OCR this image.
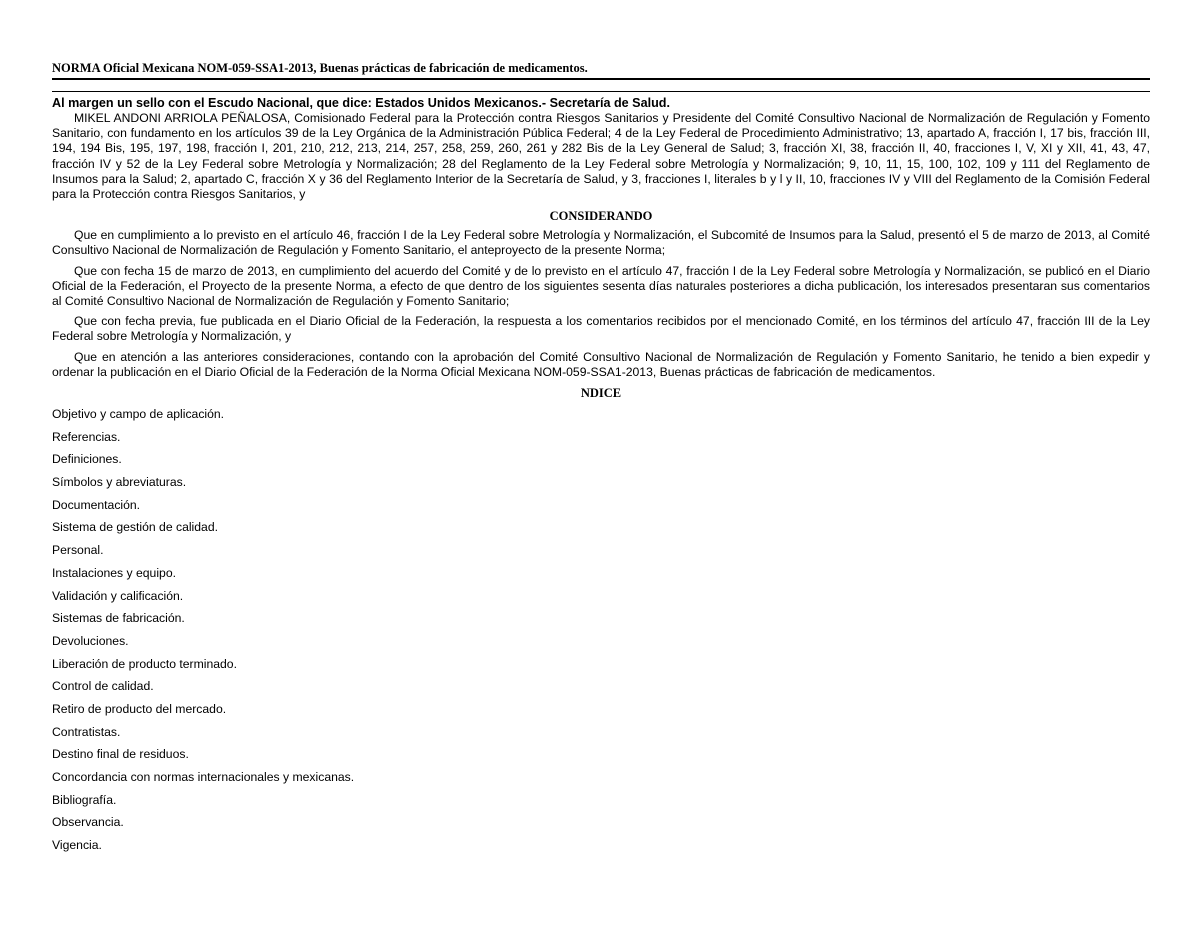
NORMA Oficial Mexicana NOM-059-SSA1-2013, Buenas prácticas de fabricación de medicamentos.
Al margen un sello con el Escudo Nacional, que dice: Estados Unidos Mexicanos.- Secretaría de Salud.

MIKEL ANDONI ARRIOLA PEÑALOSA, Comisionado Federal para la Protección contra Riesgos Sanitarios y Presidente del Comité Consultivo Nacional de Normalización de Regulación y Fomento Sanitario, con fundamento en los artículos 39 de la Ley Orgánica de la Administración Pública Federal; 4 de la Ley Federal de Procedimiento Administrativo; 13, apartado A, fracción I, 17 bis, fracción III, 194, 194 Bis, 195, 197, 198, fracción I, 201, 210, 212, 213, 214, 257, 258, 259, 260, 261 y 282 Bis de la Ley General de Salud; 3, fracción XI, 38, fracción II, 40, fracciones I, V, XI y XII, 41, 43, 47, fracción IV y 52 de la Ley Federal sobre Metrología y Normalización; 28 del Reglamento de la Ley Federal sobre Metrología y Normalización; 9, 10, 11, 15, 100, 102, 109 y 111 del Reglamento de Insumos para la Salud; 2, apartado C, fracción X y 36 del Reglamento Interior de la Secretaría de Salud, y 3, fracciones I, literales b y l y II, 10, fracciones IV y VIII del Reglamento de la Comisión Federal para la Protección contra Riesgos Sanitarios, y

CONSIDERANDO

Que en cumplimiento a lo previsto en el artículo 46, fracción I de la Ley Federal sobre Metrología y Normalización, el Subcomité de Insumos para la Salud, presentó el 5 de marzo de 2013, al Comité Consultivo Nacional de Normalización de Regulación y Fomento Sanitario, el anteproyecto de la presente Norma;

Que con fecha 15 de marzo de 2013, en cumplimiento del acuerdo del Comité y de lo previsto en el artículo 47, fracción I de la Ley Federal sobre Metrología y Normalización, se publicó en el Diario Oficial de la Federación, el Proyecto de la presente Norma, a efecto de que dentro de los siguientes sesenta días naturales posteriores a dicha publicación, los interesados presentaran sus comentarios al Comité Consultivo Nacional de Normalización de Regulación y Fomento Sanitario;

Que con fecha previa, fue publicada en el Diario Oficial de la Federación, la respuesta a los comentarios recibidos por el mencionado Comité, en los términos del artículo 47, fracción III de la Ley Federal sobre Metrología y Normalización, y

Que en atención a las anteriores consideraciones, contando con la aprobación del Comité Consultivo Nacional de Normalización de Regulación y Fomento Sanitario, he tenido a bien expedir y ordenar la publicación en el Diario Oficial de la Federación de la Norma Oficial Mexicana NOM-059-SSA1-2013, Buenas prácticas de fabricación de medicamentos.

NDICE
Objetivo y campo de aplicación.
Referencias.
Definiciones.
Símbolos y abreviaturas.
Documentación.
Sistema de gestión de calidad.
Personal.
Instalaciones y equipo.
Validación y calificación.
Sistemas de fabricación.
Devoluciones.
Liberación de producto terminado.
Control de calidad.
Retiro de producto del mercado.
Contratistas.
Destino final de residuos.
Concordancia con normas internacionales y mexicanas.
Bibliografía.
Observancia.
Vigencia.
